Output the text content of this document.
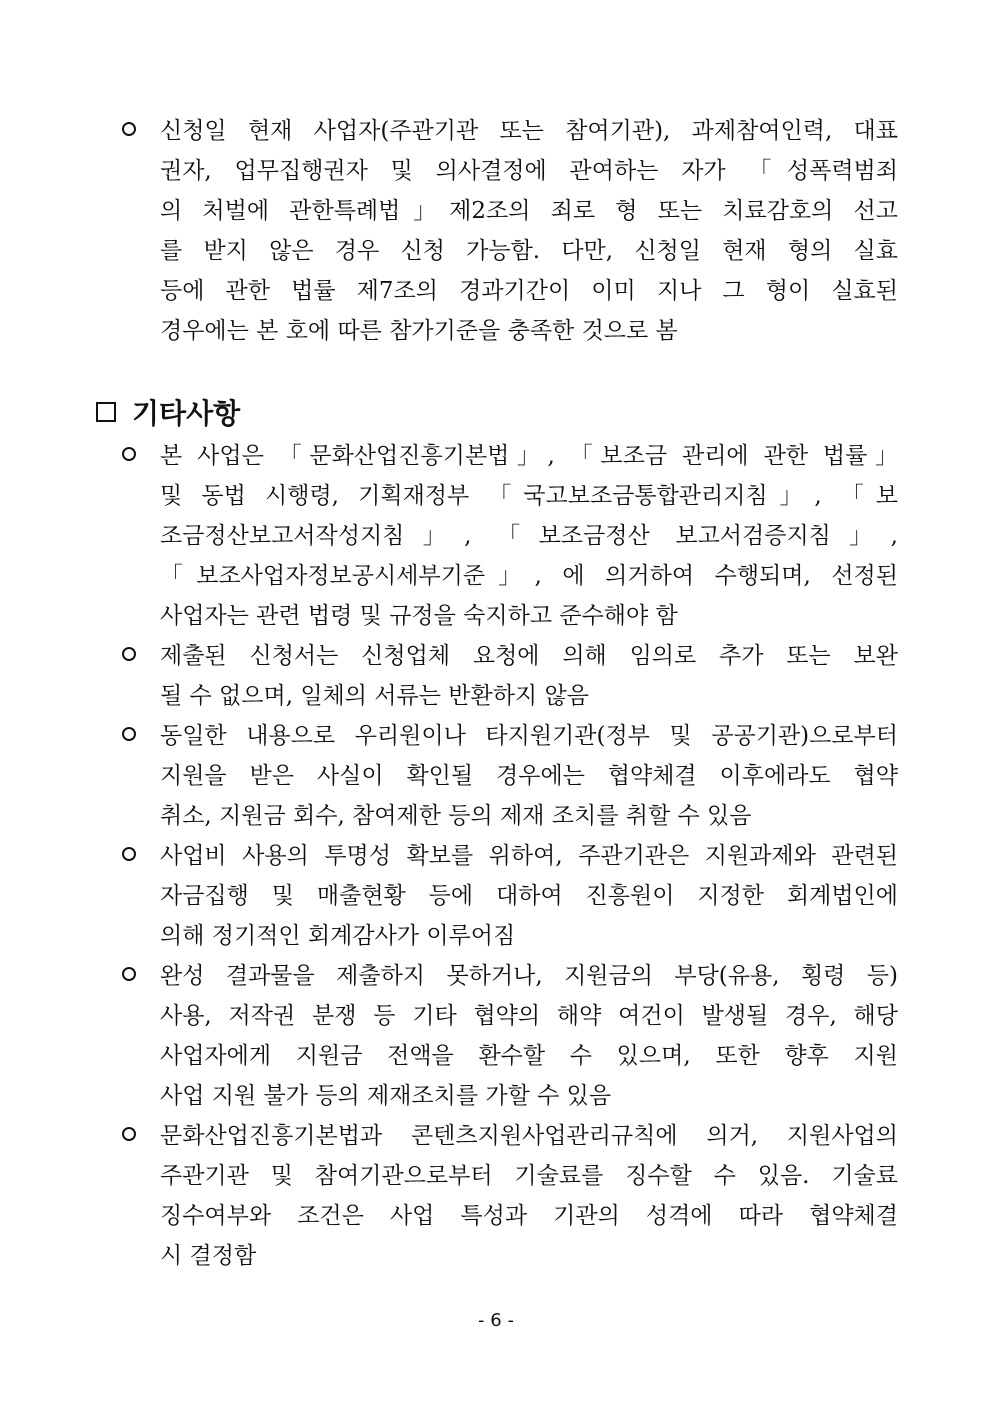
신청일 현재 사업자(주관기관 또는 참여기관), 과제참여인력, 대표
권자, 업무집행권자 및 의사결정에 관여하는 자가 「성폭력범죄
의 처벌에 관한특례법」제2조의 죄로 형 또는 치료감호의 선고
를 받지 않은 경우 신청 가능함. 다만, 신청일 현재 형의 실효
등에 관한 법률 제7조의 경과기간이 이미 지나 그 형이 실효된
경우에는 본 호에 따른 참가기준을 충족한 것으로 봄
기타사항
본 사업은 「문화산업진흥기본법」, 「보조금 관리에 관한 법률」
및 동법 시행령, 기획재정부 「국고보조금통합관리지침」, 「보
조금정산보고서작성지침」, 「보조금정산 보고서검증지침」,
「보조사업자정보공시세부기준」, 에 의거하여 수행되며, 선정된
사업자는 관련 법령 및 규정을 숙지하고 준수해야 함
제출된 신청서는 신청업체 요청에 의해 임의로 추가 또는 보완
될 수 없으며, 일체의 서류는 반환하지 않음
동일한 내용으로 우리원이나 타지원기관(정부 및 공공기관)으로부터
지원을 받은 사실이 확인될 경우에는 협약체결 이후에라도 협약
취소, 지원금 회수, 참여제한 등의 제재 조치를 취할 수 있음
사업비 사용의 투명성 확보를 위하여, 주관기관은 지원과제와 관련된
자금집행 및 매출현황 등에 대하여 진흥원이 지정한 회계법인에
의해 정기적인 회계감사가 이루어짐
완성 결과물을 제출하지 못하거나, 지원금의 부당(유용, 횡령 등)
사용, 저작권 분쟁 등 기타 협약의 해약 여건이 발생될 경우, 해당
사업자에게 지원금 전액을 환수할 수 있으며, 또한 향후 지원
사업 지원 불가 등의 제재조치를 가할 수 있음
문화산업진흥기본법과 콘텐츠지원사업관리규칙에 의거, 지원사업의
주관기관 및 참여기관으로부터 기술료를 징수할 수 있음. 기술료
징수여부와 조건은 사업 특성과 기관의 성격에 따라 협약체결
시 결정함
- 6 -
